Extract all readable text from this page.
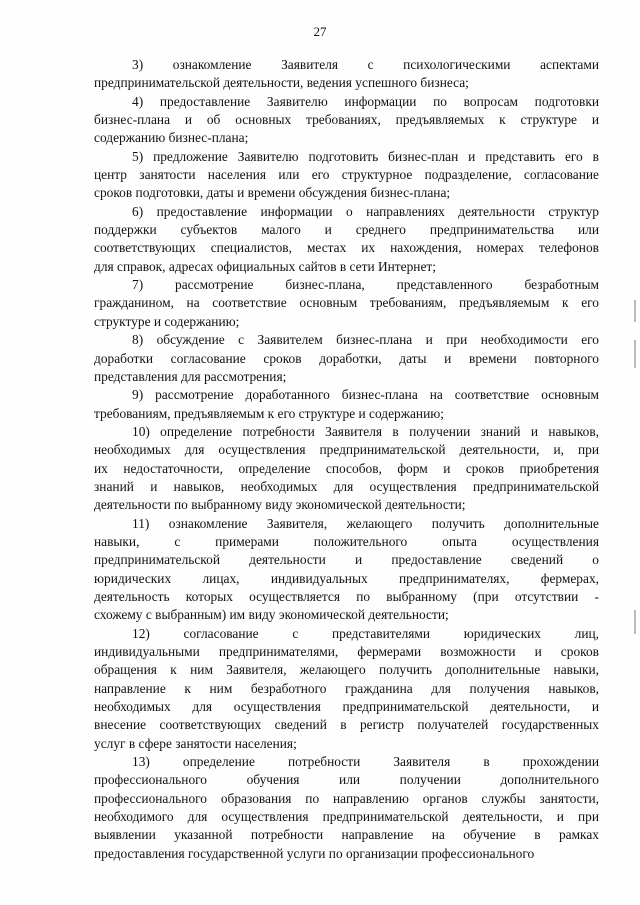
27
3) ознакомление Заявителя с психологическими аспектами
предпринимательской деятельности, ведения успешного бизнеса;
4) предоставление Заявителю информации по вопросам подготовки
бизнес-плана и об основных требованиях, предъявляемых к структуре и
содержанию бизнес-плана;
5) предложение Заявителю подготовить бизнес-план и представить его в
центр занятости населения или его структурное подразделение, согласование
сроков подготовки, даты и времени обсуждения бизнес-плана;
6) предоставление информации о направлениях деятельности структур
поддержки субъектов малого и среднего предпринимательства или
соответствующих специалистов, местах их нахождения, номерах телефонов
для справок, адресах официальных сайтов в сети Интернет;
7) рассмотрение бизнес-плана, представленного безработным
гражданином, на соответствие основным требованиям, предъявляемым к его
структуре и содержанию;
8) обсуждение с Заявителем бизнес-плана и при необходимости его
доработки согласование сроков доработки, даты и времени повторного
представления для рассмотрения;
9) рассмотрение доработанного бизнес-плана на соответствие основным
требованиям, предъявляемым к его структуре и содержанию;
10) определение потребности Заявителя в получении знаний и навыков,
необходимых для осуществления предпринимательской деятельности, и, при
их недостаточности, определение способов, форм и сроков приобретения
знаний и навыков, необходимых для осуществления предпринимательской
деятельности по выбранному виду экономической деятельности;
11) ознакомление Заявителя, желающего получить дополнительные
навыки, с примерами положительного опыта осуществления
предпринимательской деятельности и предоставление сведений о
юридических лицах, индивидуальных предпринимателях, фермерах,
деятельность которых осуществляется по выбранному (при отсутствии -
схожему с выбранным) им виду экономической деятельности;
12) согласование с представителями юридических лиц,
индивидуальными предпринимателями, фермерами возможности и сроков
обращения к ним Заявителя, желающего получить дополнительные навыки,
направление к ним безработного гражданина для получения навыков,
необходимых для осуществления предпринимательской деятельности, и
внесение соответствующих сведений в регистр получателей государственных
услуг в сфере занятости населения;
13) определение потребности Заявителя в прохождении
профессионального обучения или получении дополнительного
профессионального образования по направлению органов службы занятости,
необходимого для осуществления предпринимательской деятельности, и при
выявлении указанной потребности направление на обучение в рамках
предоставления государственной услуги по организации профессионального
